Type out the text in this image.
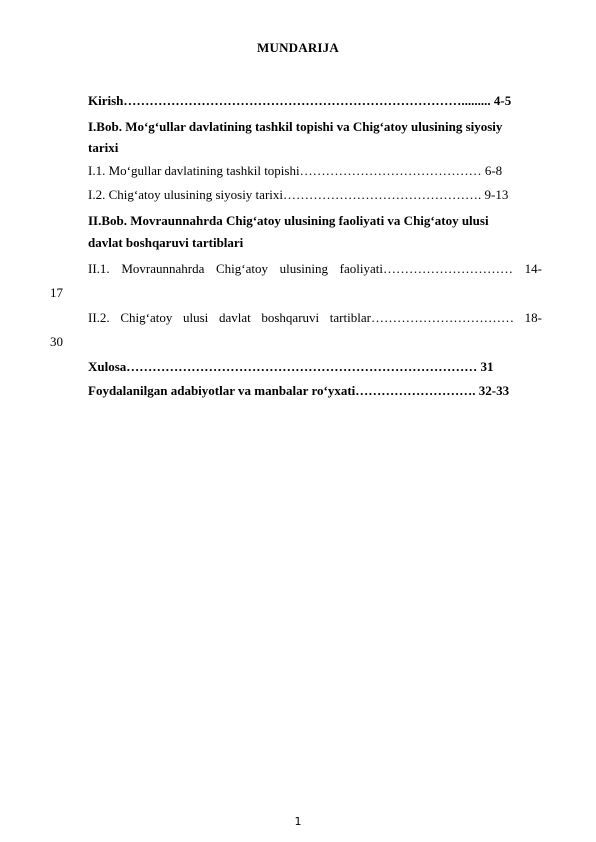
MUNDARIJA
Kirish……………………………………………………………………......... 4-5
I.Bob. Mo‘g‘ullar davlatining tashkil topishi va Chig‘atoy ulusining siyosiy
tarixi
I.1. Mo‘gullar davlatining tashkil topishi…………………………………… 6-8
I.2. Chig‘atoy ulusining siyosiy tarixi………………………………………. 9-13
II.Bob. Movraunnahrda Chig‘atoy ulusining faoliyati va Chig‘atoy ulusi
davlat boshqaruvi tartiblari
II.1. Movraunnahrda Chig‘atoy ulusining faoliyati………………………… 14-
17
II.2. Chig‘atoy ulusi davlat boshqaruvi tartiblar…………………………… 18-
30
Xulosa……………………………………………………………………… 31
Foydalanilgan adabiyotlar va manbalar ro‘yxati………………………. 32-33
1
